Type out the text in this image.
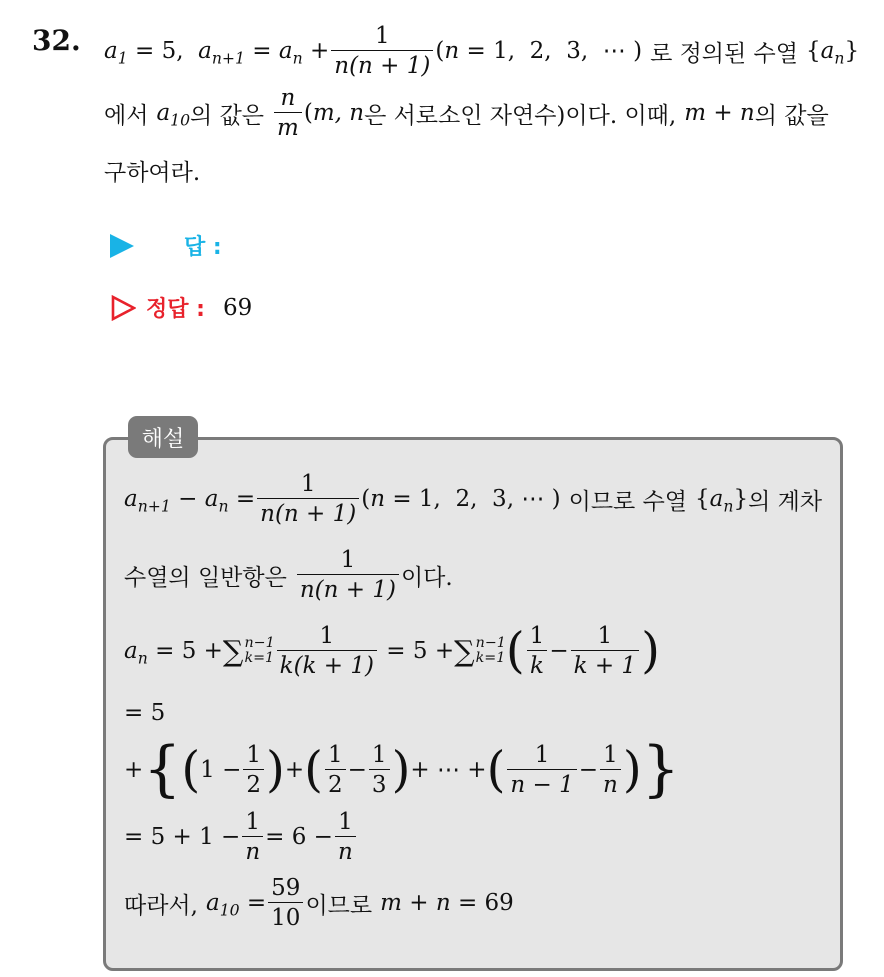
32. $a_1 = 5$,  $a_{n+1} = a_n + \frac{1}{n(n + 1)} (n = 1$,  2,  3,  ⋯ ) 로 정의된 수열 $\{a_n\}$
에서 $a_{10}$ 의 값은 $\frac{n}{m} (m$, n 은 서로소인 자연수)이다. 이때, m + n 의 값을
구하여라.
답 :
정답 : 69
해설
$a_{n+1} - a_n = \frac{1}{n(n + 1)} (n = 1$,  2,  3, ⋯ ) 이므로 수열 $\{a_n\}$ 의 계차
수열의 일반항은 $\frac{1}{n(n + 1)}$ 이다.
$a_n = 5$ + ∑ n−1
$k=1 \frac{1}{k(k + 1)} = 5$ + ∑ n−1
k=1 ( $\frac{1}{k} - \frac{1}{k + 1}$ )
= 5
+ { ( $1 - \frac{1}{2}$ ) + ( $\frac{1}{2} - \frac{1}{3}$ ) + ⋯ + ( $\frac{1}{n - 1} - \frac{1}{n}$ ) }
= $5 + 1 - \frac{1}{n} = 6 - \frac{1}{n}$
따라서, $a_{10} = \frac{59}{10}$ 이므로 m + n = 69
